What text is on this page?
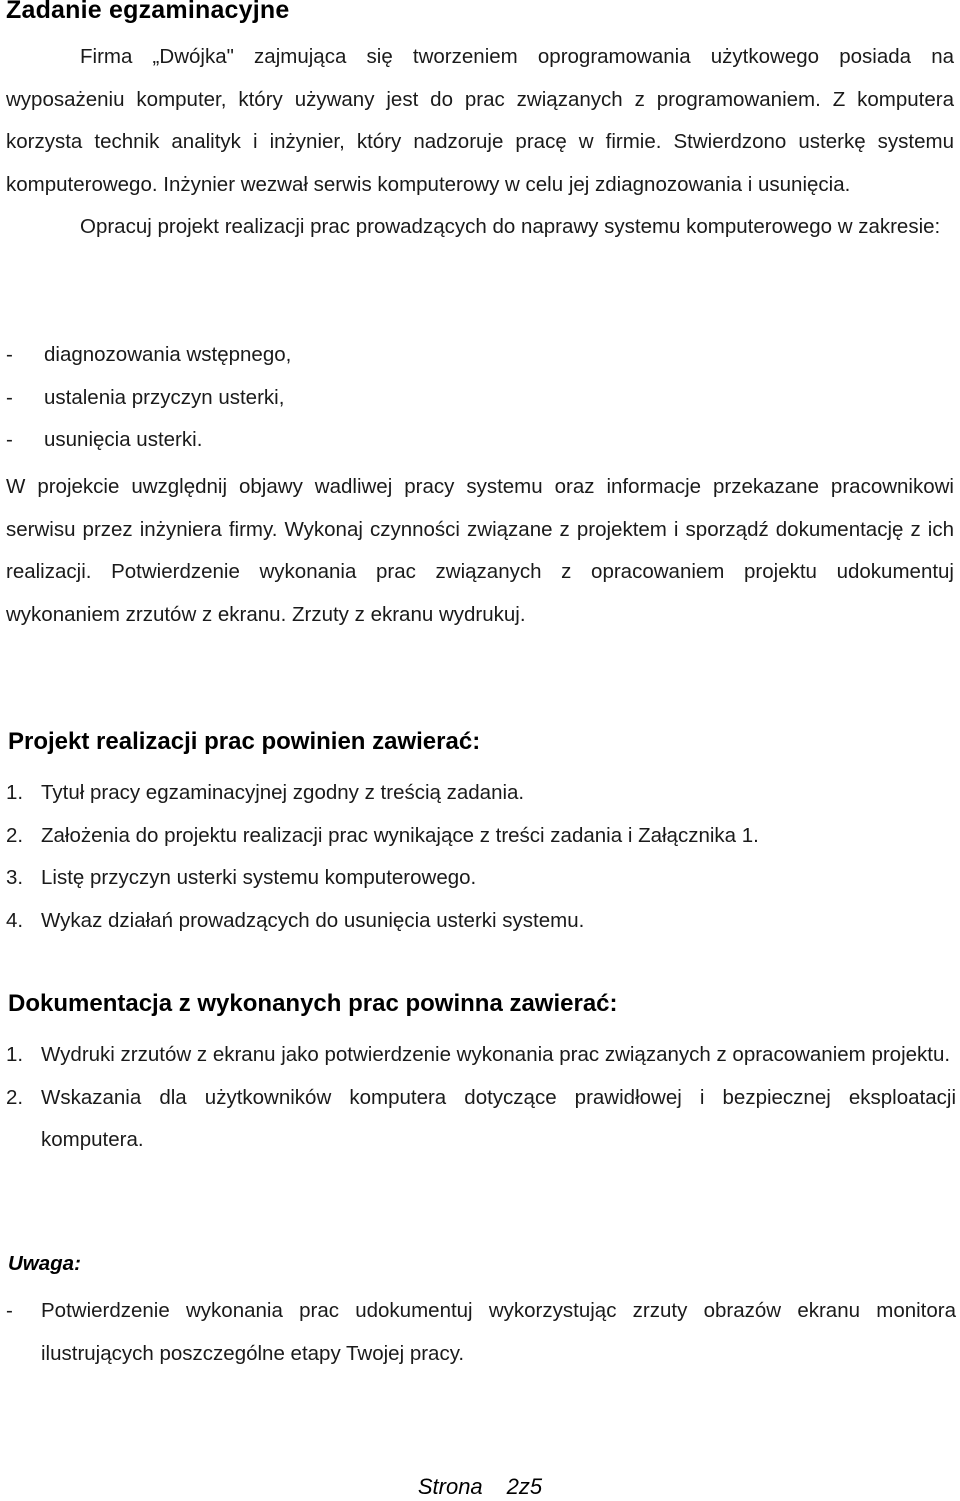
Zadanie egzaminacyjne

Firma „Dwójka" zajmująca się tworzeniem oprogramowania użytkowego posiada na wyposażeniu komputer, który używany jest do prac związanych z programowaniem. Z komputera korzysta technik analityk i inżynier, który nadzoruje pracę w firmie. Stwierdzono usterkę systemu komputerowego. Inżynier wezwał serwis komputerowy w celu jej zdiagnozowania i usunięcia.
Opracuj projekt realizacji prac prowadzących do naprawy systemu komputerowego w zakresie:

-	diagnozowania wstępnego,
-	ustalenia przyczyn usterki,
-	usunięcia usterki.

W projekcie uwzględnij objawy wadliwej pracy systemu oraz informacje przekazane pracownikowi serwisu przez inżyniera firmy. Wykonaj czynności związane z projektem i sporządź dokumentację z ich realizacji. Potwierdzenie wykonania prac związanych z opracowaniem projektu udokumentuj wykonaniem zrzutów z ekranu. Zrzuty z ekranu wydrukuj.

Projekt realizacji prac powinien zawierać:
1. Tytuł pracy egzaminacyjnej zgodny z treścią zadania.
2. Założenia do projektu realizacji prac wynikające z treści zadania i Załącznika 1.
3. Listę przyczyn usterki systemu komputerowego.
4. Wykaz działań prowadzących do usunięcia usterki systemu.
Dokumentacja z wykonanych prac powinna zawierać:
1. Wydruki zrzutów z ekranu jako potwierdzenie wykonania prac związanych z opracowaniem projektu.
2. Wskazania dla użytkowników komputera dotyczące prawidłowej i bezpiecznej eksploatacji komputera.
Uwaga:
-	Potwierdzenie wykonania prac udokumentuj wykorzystując zrzuty obrazów ekranu monitora ilustrujących poszczególne etapy Twojej pracy.
Strona 2z5
